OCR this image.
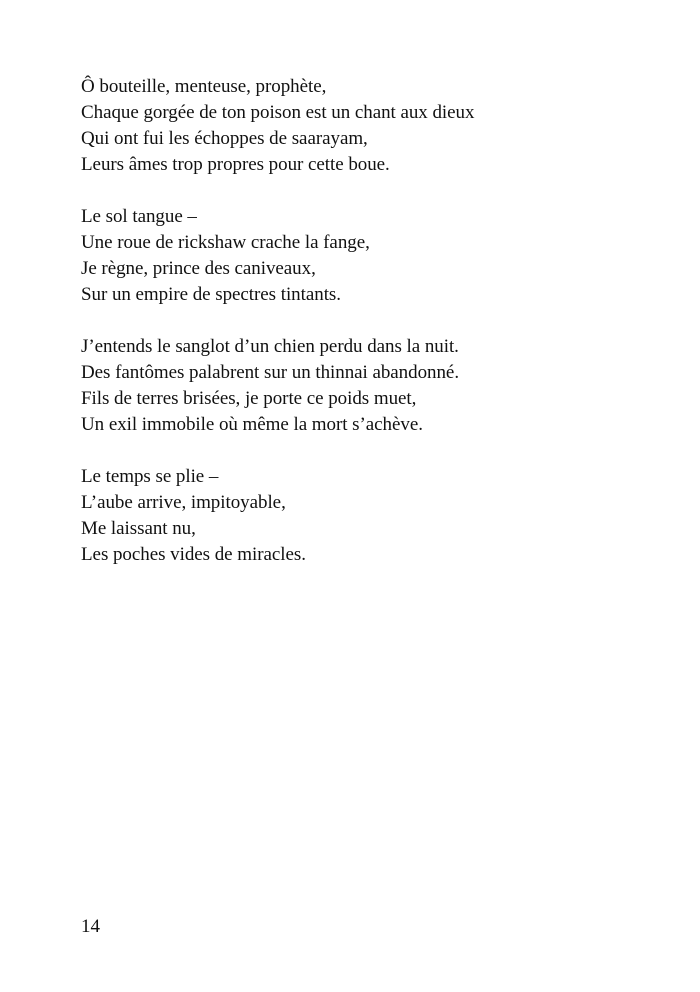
Ô bouteille, menteuse, prophète,
Chaque gorgée de ton poison est un chant aux dieux
Qui ont fui les échoppes de saarayam,
Leurs âmes trop propres pour cette boue.
Le sol tangue –
Une roue de rickshaw crache la fange,
Je règne, prince des caniveaux,
Sur un empire de spectres tintants.
J’entends le sanglot d’un chien perdu dans la nuit.
Des fantômes palabrent sur un thinnai abandonné.
Fils de terres brisées, je porte ce poids muet,
Un exil immobile où même la mort s’achève.
Le temps se plie –
L’aube arrive, impitoyable,
Me laissant nu,
Les poches vides de miracles.
14
